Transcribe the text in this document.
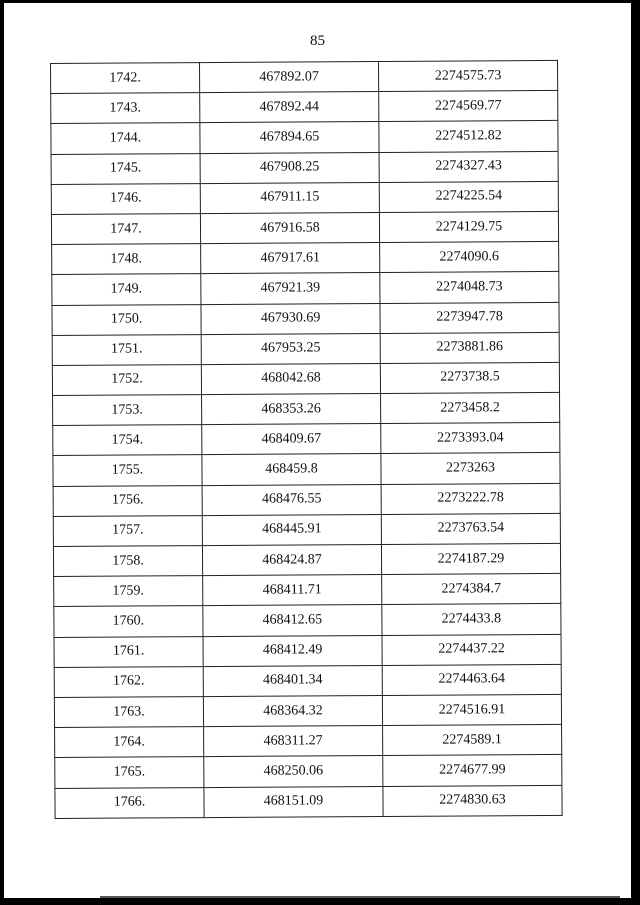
85
1742.	467892.07	2274575.73
1743.	467892.44	2274569.77
1744.	467894.65	2274512.82
1745.	467908.25	2274327.43
1746.	467911.15	2274225.54
1747.	467916.58	2274129.75
1748.	467917.61	2274090.6
1749.	467921.39	2274048.73
1750.	467930.69	2273947.78
1751.	467953.25	2273881.86
1752.	468042.68	2273738.5
1753.	468353.26	2273458.2
1754.	468409.67	2273393.04
1755.	468459.8	2273263
1756.	468476.55	2273222.78
1757.	468445.91	2273763.54
1758.	468424.87	2274187.29
1759.	468411.71	2274384.7
1760.	468412.65	2274433.8
1761.	468412.49	2274437.22
1762.	468401.34	2274463.64
1763.	468364.32	2274516.91
1764.	468311.27	2274589.1
1765.	468250.06	2274677.99
1766.	468151.09	2274830.63
